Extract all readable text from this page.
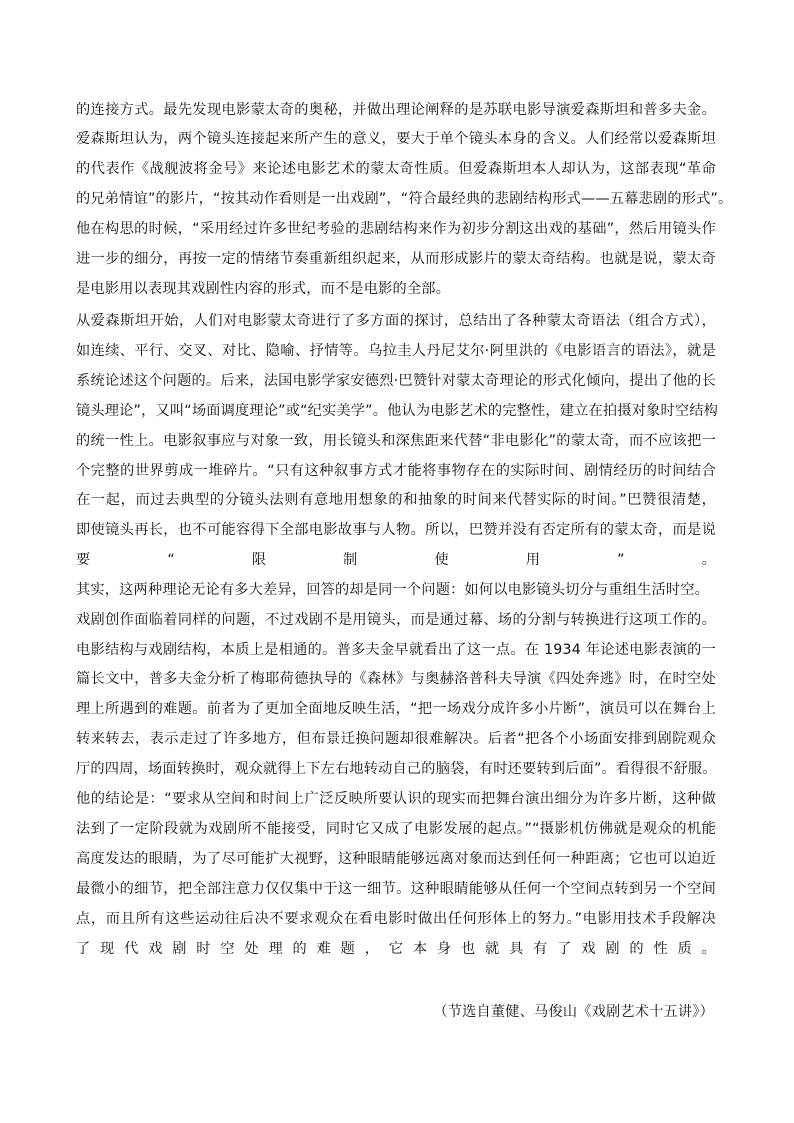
的连接方式。最先发现电影蒙太奇的奥秘，并做出理论阐释的是苏联电影导演爱森斯坦和普多夫金。
爱森斯坦认为，两个镜头连接起来所产生的意义，要大于单个镜头本身的含义。人们经常以爱森斯坦
的代表作《战舰波将金号》来论述电影艺术的蒙太奇性质。但爱森斯坦本人却认为，这部表现“革命
的兄弟情谊”的影片，“按其动作看则是一出戏剧”，“符合最经典的悲剧结构形式——五幕悲剧的形式”。
他在构思的时候，“采用经过许多世纪考验的悲剧结构来作为初步分割这出戏的基础”，然后用镜头作
进一步的细分，再按一定的情绪节奏重新组织起来，从而形成影片的蒙太奇结构。也就是说，蒙太奇
是电影用以表现其戏剧性内容的形式，而不是电影的全部。
从爱森斯坦开始，人们对电影蒙太奇进行了多方面的探讨，总结出了各种蒙太奇语法（组合方式），
如连续、平行、交叉、对比、隐喻、抒情等。乌拉圭人丹尼艾尔·阿里洪的《电影语言的语法》，就是
系统论述这个问题的。后来，法国电影学家安德烈·巴赞针对蒙太奇理论的形式化倾向，提出了他的长
镜头理论”，又叫“场面调度理论”或“纪实美学”。他认为电影艺术的完整性，建立在拍摄对象时空结构
的统一性上。电影叙事应与对象一致，用长镜头和深焦距来代替“非电影化”的蒙太奇，而不应该把一
个完整的世界剪成一堆碎片。“只有这种叙事方式才能将事物存在的实际时间、剧情经历的时间结合
在一起，而过去典型的分镜头法则有意地用想象的和抽象的时间来代替实际的时间。”巴赞很清楚，
即使镜头再长，也不可能容得下全部电影故事与人物。所以，巴赞并没有否定所有的蒙太奇，而是说
要“限制使用”。
其实，这两种理论无论有多大差异，回答的却是同一个问题：如何以电影镜头切分与重组生活时空。
戏剧创作面临着同样的问题，不过戏剧不是用镜头，而是通过幕、场的分割与转换进行这项工作的。
电影结构与戏剧结构，本质上是相通的。普多夫金早就看出了这一点。在 1934 年论述电影表演的一
篇长文中，普多夫金分析了梅耶荷德执导的《森林》与奥赫洛普科夫导演《四处奔逃》时，在时空处
理上所遇到的难题。前者为了更加全面地反映生活，“把一场戏分成许多小片断”，演员可以在舞台上
转来转去，表示走过了许多地方，但布景迁换问题却很难解决。后者“把各个小场面安排到剧院观众
厅的四周，场面转换时，观众就得上下左右地转动自己的脑袋，有时还要转到后面”。看得很不舒服。
他的结论是：“要求从空间和时间上广泛反映所要认识的现实而把舞台演出细分为许多片断，这种做
法到了一定阶段就为戏剧所不能接受，同时它又成了电影发展的起点。”“摄影机仿佛就是观众的机能
高度发达的眼睛，为了尽可能扩大视野，这种眼睛能够远离对象而达到任何一种距离；它也可以迫近
最微小的细节，把全部注意力仅仅集中于这一细节。这种眼睛能够从任何一个空间点转到另一个空间
点，而且所有这些运动往后决不要求观众在看电影时做出任何形体上的努力。”电影用技术手段解决
了现代戏剧时空处理的难题，它本身也就具有了戏剧的性质。
（节选自董健、马俊山《戏剧艺术十五讲》）
